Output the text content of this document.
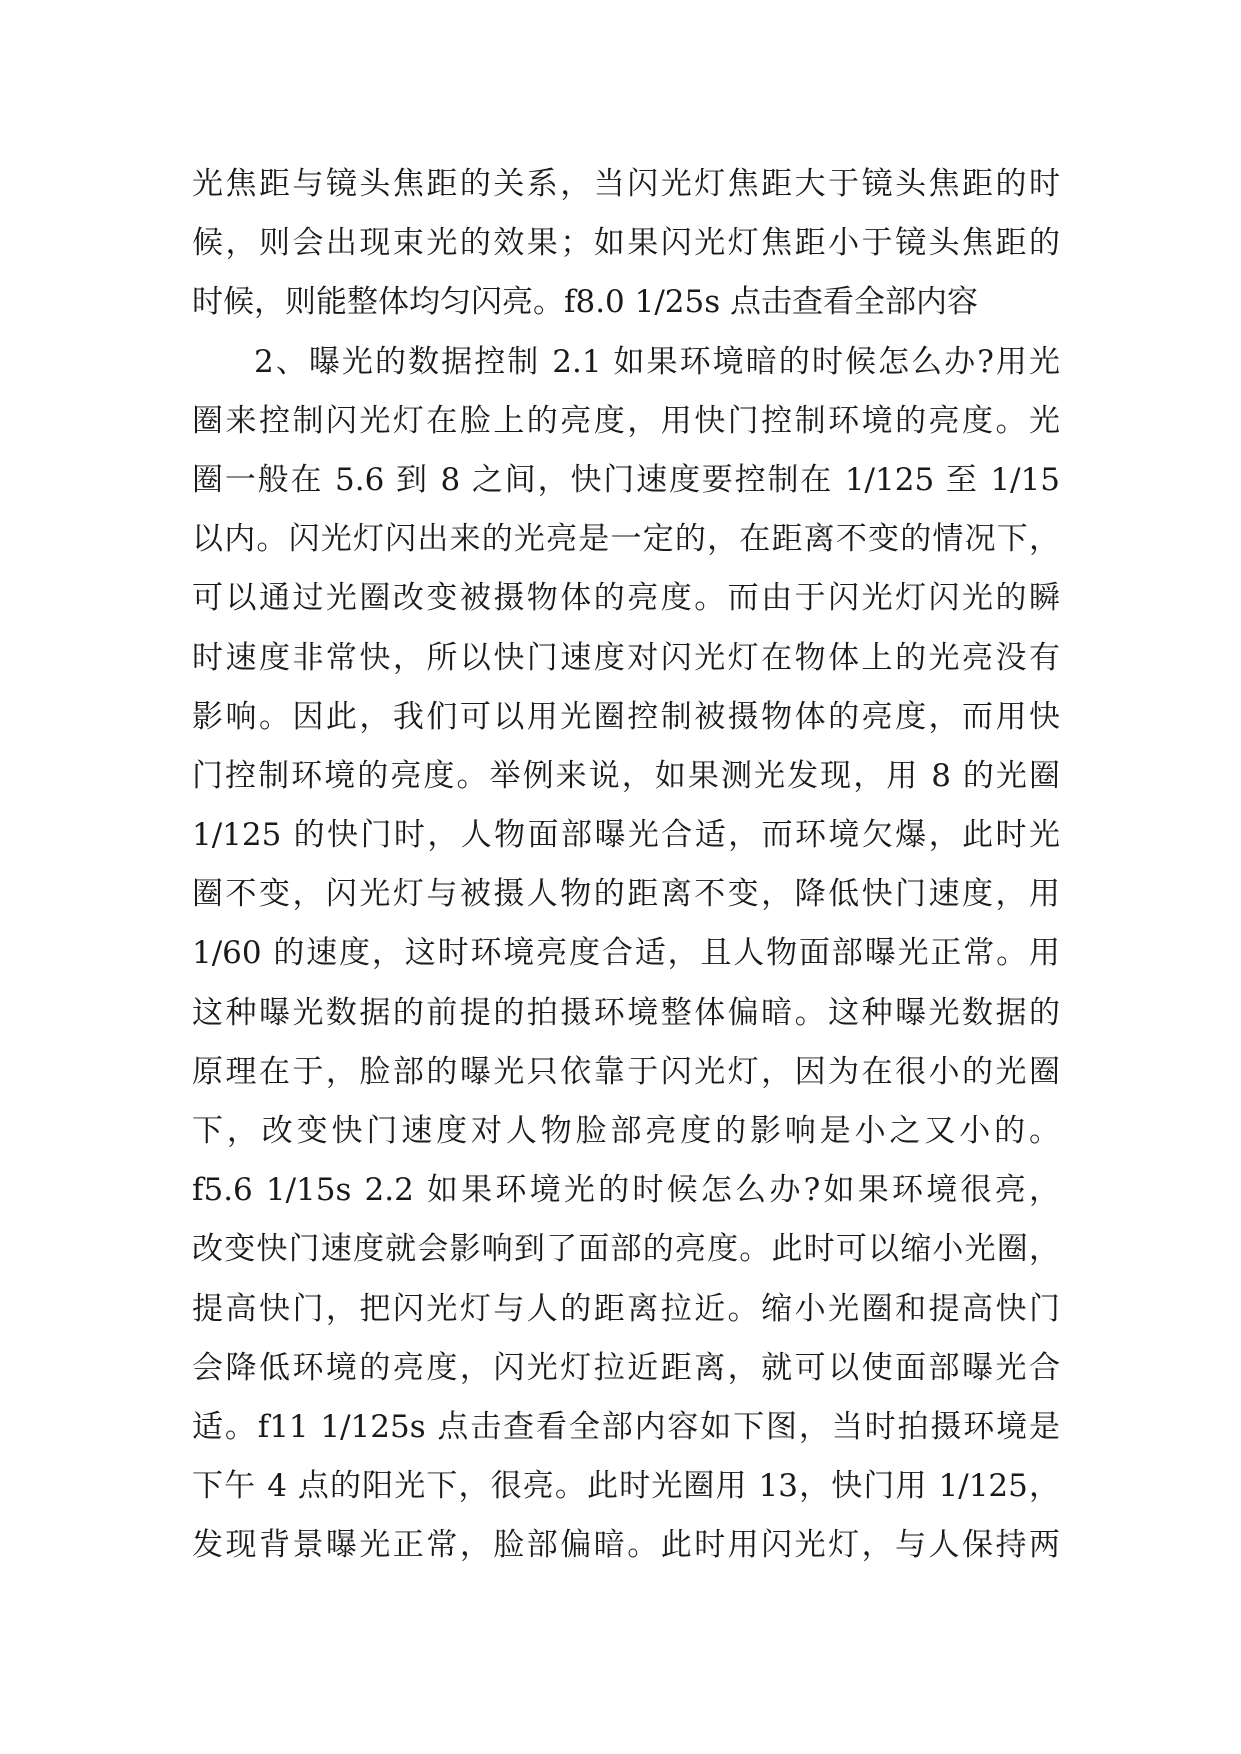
光焦距与镜头焦距的关系，当闪光灯焦距大于镜头焦距的时
候，则会出现束光的效果；如果闪光灯焦距小于镜头焦距的
时候，则能整体均匀闪亮。f8.0 1/25s 点击查看全部内容
2、曝光的数据控制 2.1 如果环境暗的时候怎么办?用光
圈来控制闪光灯在脸上的亮度，用快门控制环境的亮度。光
圈一般在 5.6 到 8 之间，快门速度要控制在 1/125 至 1/15
以内。闪光灯闪出来的光亮是一定的，在距离不变的情况下，
可以通过光圈改变被摄物体的亮度。而由于闪光灯闪光的瞬
时速度非常快，所以快门速度对闪光灯在物体上的光亮没有
影响。因此，我们可以用光圈控制被摄物体的亮度，而用快
门控制环境的亮度。举例来说，如果测光发现，用 8 的光圈
1/125 的快门时，人物面部曝光合适，而环境欠爆，此时光
圈不变，闪光灯与被摄人物的距离不变，降低快门速度，用
1/60 的速度，这时环境亮度合适，且人物面部曝光正常。用
这种曝光数据的前提的拍摄环境整体偏暗。这种曝光数据的
原理在于，脸部的曝光只依靠于闪光灯，因为在很小的光圈
下，改变快门速度对人物脸部亮度的影响是小之又小的。
f5.6 1/15s 2.2 如果环境光的时候怎么办?如果环境很亮，
改变快门速度就会影响到了面部的亮度。此时可以缩小光圈，
提高快门，把闪光灯与人的距离拉近。缩小光圈和提高快门
会降低环境的亮度，闪光灯拉近距离，就可以使面部曝光合
适。f11 1/125s 点击查看全部内容如下图，当时拍摄环境是
下午 4 点的阳光下，很亮。此时光圈用 13，快门用 1/125，
发现背景曝光正常，脸部偏暗。此时用闪光灯，与人保持两
